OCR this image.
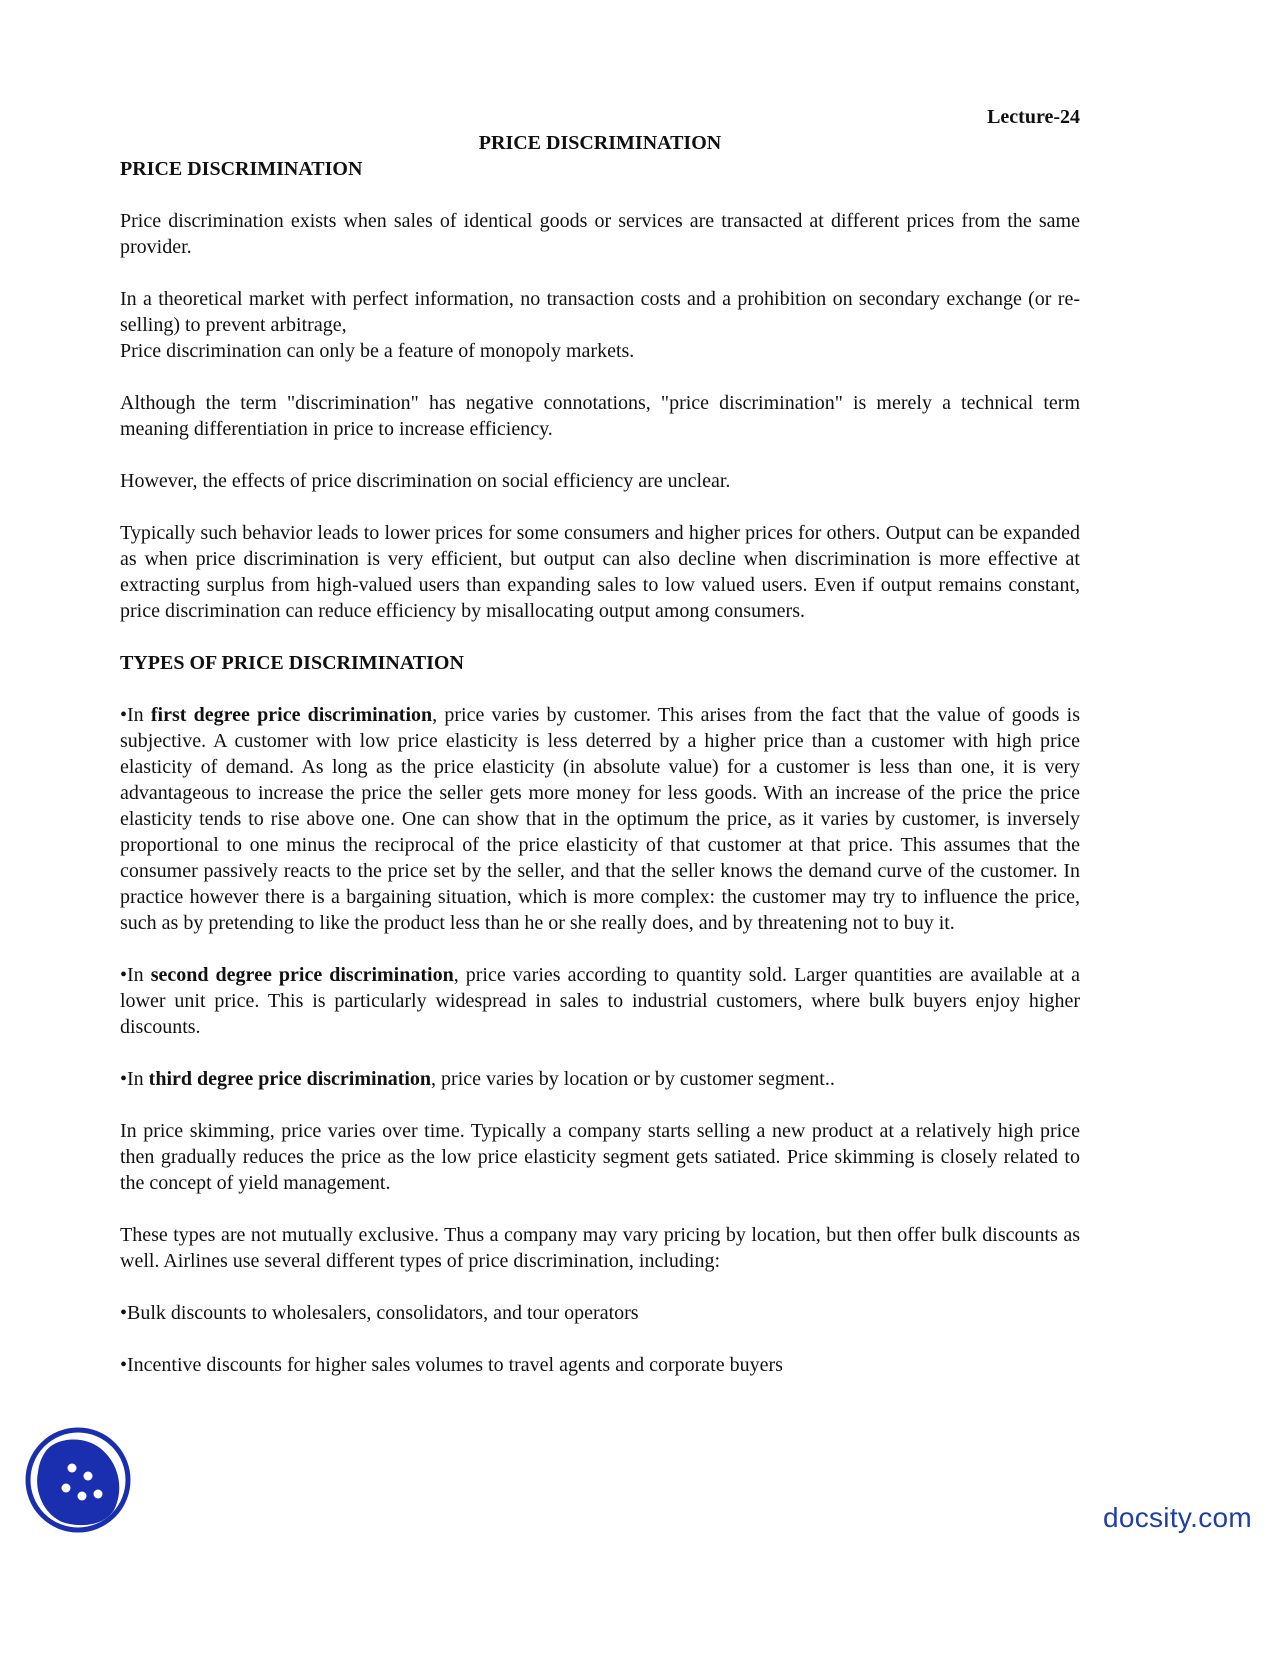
Lecture-24

PRICE DISCRIMINATION

PRICE DISCRIMINATION

Price discrimination exists when sales of identical goods or services are transacted at different prices from the same provider.

In a theoretical market with perfect information, no transaction costs and a prohibition on secondary exchange (or re-selling) to prevent arbitrage,

Price discrimination can only be a feature of monopoly markets.

Although the term "discrimination" has negative connotations, "price discrimination" is merely a technical term meaning differentiation in price to increase efficiency.

However, the effects of price discrimination on social efficiency are unclear.

Typically such behavior leads to lower prices for some consumers and higher prices for others. Output can be expanded as when price discrimination is very efficient, but output can also decline when discrimination is more effective at extracting surplus from high-valued users than expanding sales to low valued users. Even if output remains constant, price discrimination can reduce efficiency by misallocating output among consumers.

TYPES OF PRICE DISCRIMINATION

•In first degree price discrimination, price varies by customer. This arises from the fact that the value of goods is subjective. A customer with low price elasticity is less deterred by a higher price than a customer with high price elasticity of demand. As long as the price elasticity (in absolute value) for a customer is less than one, it is very advantageous to increase the price the seller gets more money for less goods. With an increase of the price the price elasticity tends to rise above one. One can show that in the optimum the price, as it varies by customer, is inversely proportional to one minus the reciprocal of the price elasticity of that customer at that price. This assumes that the consumer passively reacts to the price set by the seller, and that the seller knows the demand curve of the customer. In practice however there is a bargaining situation, which is more complex: the customer may try to influence the price, such as by pretending to like the product less than he or she really does, and by threatening not to buy it.

•In second degree price discrimination, price varies according to quantity sold. Larger quantities are available at a lower unit price. This is particularly widespread in sales to industrial customers, where bulk buyers enjoy higher discounts.

•In third degree price discrimination, price varies by location or by customer segment..

In price skimming, price varies over time. Typically a company starts selling a new product at a relatively high price then gradually reduces the price as the low price elasticity segment gets satiated. Price skimming is closely related to the concept of yield management.

These types are not mutually exclusive. Thus a company may vary pricing by location, but then offer bulk discounts as well. Airlines use several different types of price discrimination, including:

•Bulk discounts to wholesalers, consolidators, and tour operators

•Incentive discounts for higher sales volumes to travel agents and corporate buyers

docsity.com
